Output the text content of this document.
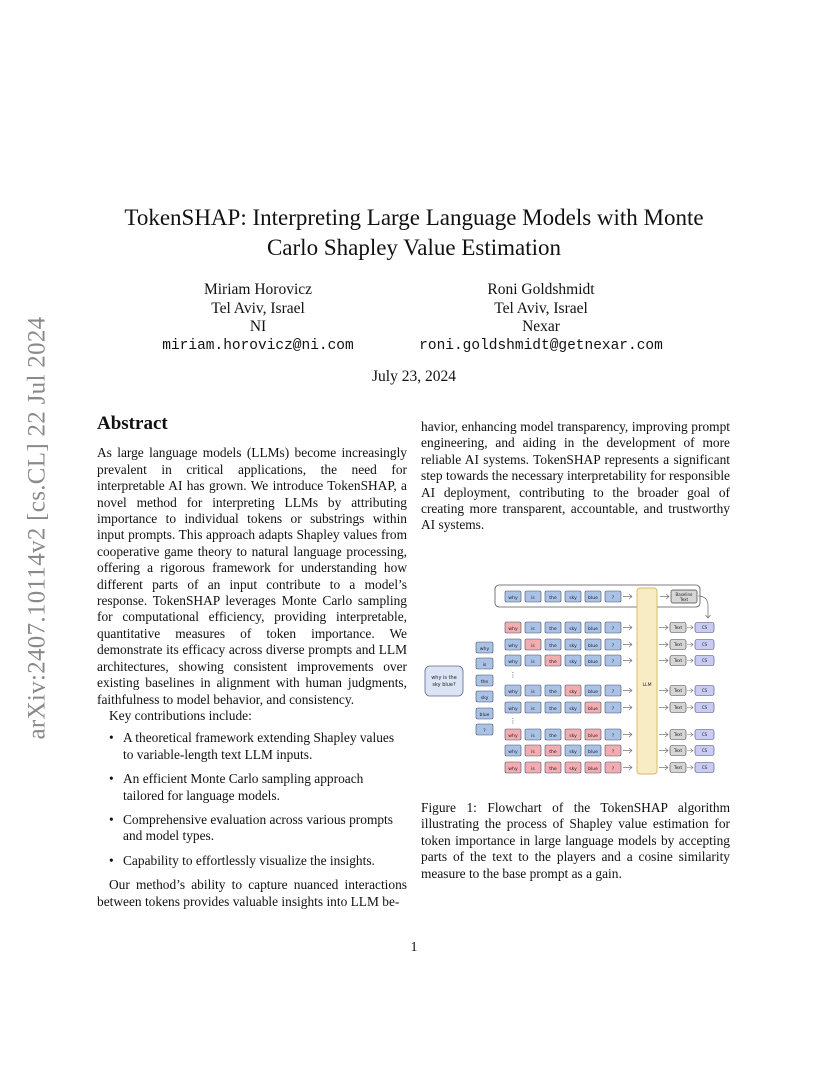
arXiv:2407.10114v2 [cs.CL] 22 Jul 2024
TokenSHAP: Interpreting Large Language Models with Monte
Carlo Shapley Value Estimation
Miriam Horovicz
Tel Aviv, Israel
NI
miriam.horovicz@ni.com
Roni Goldshmidt
Tel Aviv, Israel
Nexar
roni.goldshmidt@getnexar.com
July 23, 2024
Abstract

As large language models (LLMs) become increasingly prevalent in critical applications, the need for interpretable AI has grown. We introduce TokenSHAP, a novel method for interpreting LLMs by attributing importance to individual tokens or substrings within input prompts. This approach adapts Shapley values from cooperative game theory to natural language processing, offering a rigorous framework for understanding how different parts of an input contribute to a model’s response. TokenSHAP leverages Monte Carlo sampling for computational efficiency, providing interpretable, quantitative measures of token importance. We demonstrate its efficacy across diverse prompts and LLM architectures, showing consistent improvements over existing baselines in alignment with human judgments, faithfulness to model behavior, and consistency.

Key contributions include:

• A theoretical framework extending Shapley values to variable-length text LLM inputs.
• An efficient Monte Carlo sampling approach tailored for language models.
• Comprehensive evaluation across various prompts and model types.
• Capability to effortlessly visualize the insights.

Our method’s ability to capture nuanced interactions between tokens provides valuable insights into LLM be-

havior, enhancing model transparency, improving prompt engineering, and aiding in the development of more reliable AI systems. TokenSHAP represents a significant step towards the necessary interpretability for responsible AI deployment, contributing to the broader goal of creating more transparent, accountable, and trustworthy AI systems.

why	is	the	sky blue	?
LLM
Baseline
Text
why	is	the	sky blue	?	Text	CS
why	is	the	sky blue	?	Text	CS
why	is	the	sky blue	?	Text	CS
why	is	the	sky blue	?	Text	CS
why	is	the	sky blue	?	Text	CS
why	is	the	sky blue	?	Text	CS
why	is	the	sky blue	?	Text	CS
why	is	the	sky blue	?	Text	CS
⋮
⋮
why
is
the
sky
blue
?
why is the
sky blue?
Figure 1: Flowchart of the TokenSHAP algorithm illustrating the process of Shapley value estimation for token importance in large language models by accepting parts of the text to the players and a cosine similarity measure to the base prompt as a gain.
1
